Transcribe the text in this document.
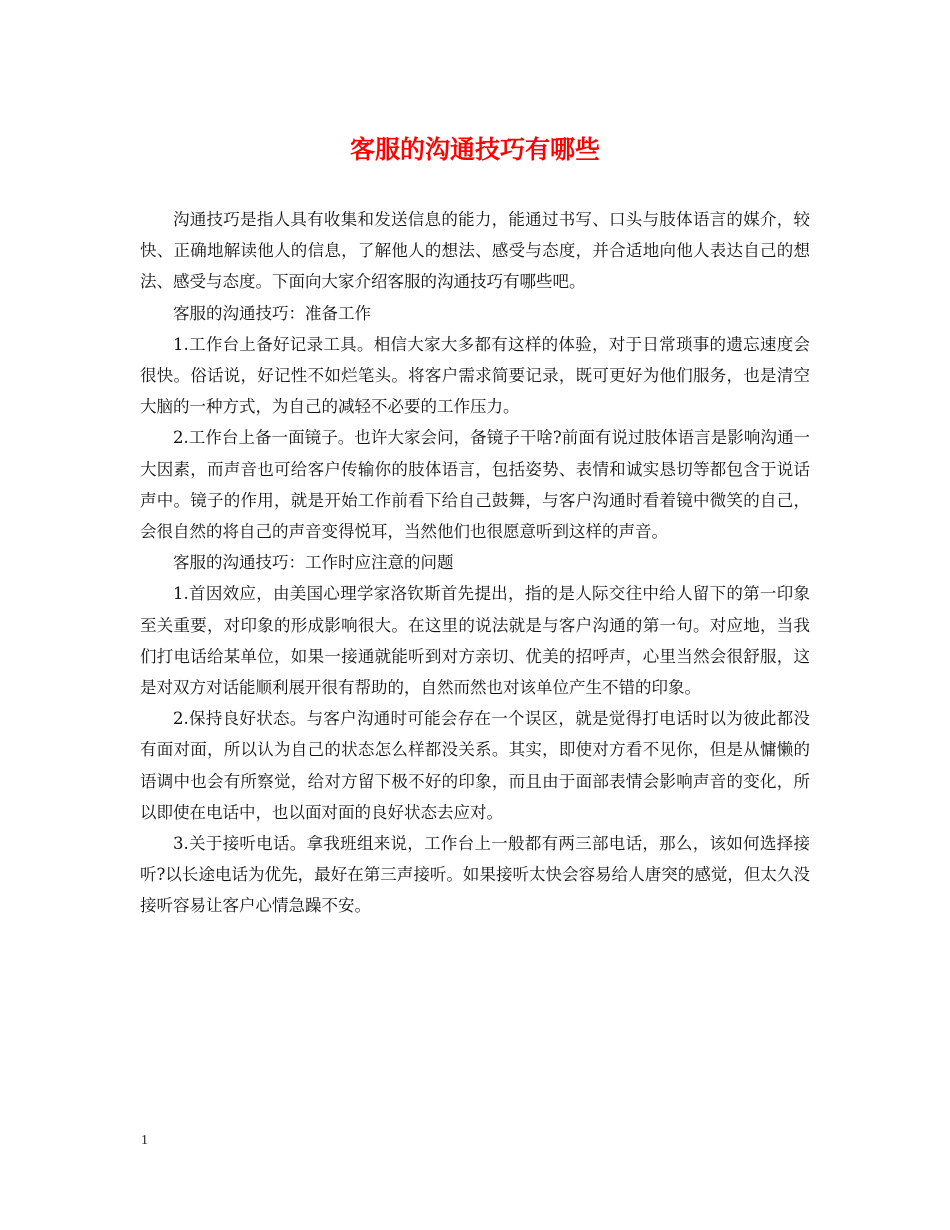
客服的沟通技巧有哪些

沟通技巧是指人具有收集和发送信息的能力，能通过书写、口头与肢体语言的媒介，较快、正确地解读他人的信息，了解他人的想法、感受与态度，并合适地向他人表达自己的想法、感受与态度。下面向大家介绍客服的沟通技巧有哪些吧。

客服的沟通技巧：准备工作

1.工作台上备好记录工具。相信大家大多都有这样的体验，对于日常琐事的遗忘速度会很快。俗话说，好记性不如烂笔头。将客户需求简要记录，既可更好为他们服务，也是清空大脑的一种方式，为自己的减轻不必要的工作压力。

2.工作台上备一面镜子。也许大家会问，备镜子干啥?前面有说过肢体语言是影响沟通一大因素，而声音也可给客户传输你的肢体语言，包括姿势、表情和诚实恳切等都包含于说话声中。镜子的作用，就是开始工作前看下给自己鼓舞，与客户沟通时看着镜中微笑的自己，会很自然的将自己的声音变得悦耳，当然他们也很愿意听到这样的声音。

客服的沟通技巧：工作时应注意的问题

1.首因效应，由美国心理学家洛钦斯首先提出，指的是人际交往中给人留下的第一印象至关重要，对印象的形成影响很大。在这里的说法就是与客户沟通的第一句。对应地，当我们打电话给某单位，如果一接通就能听到对方亲切、优美的招呼声，心里当然会很舒服，这是对双方对话能顺利展开很有帮助的，自然而然也对该单位产生不错的印象。

2.保持良好状态。与客户沟通时可能会存在一个误区，就是觉得打电话时以为彼此都没有面对面，所以认为自己的状态怎么样都没关系。其实，即使对方看不见你，但是从慵懒的语调中也会有所察觉，给对方留下极不好的印象，而且由于面部表情会影响声音的变化，所以即使在电话中，也以面对面的良好状态去应对。

3.关于接听电话。拿我班组来说，工作台上一般都有两三部电话，那么，该如何选择接听?以长途电话为优先，最好在第三声接听。如果接听太快会容易给人唐突的感觉，但太久没接听容易让客户心情急躁不安。

1
